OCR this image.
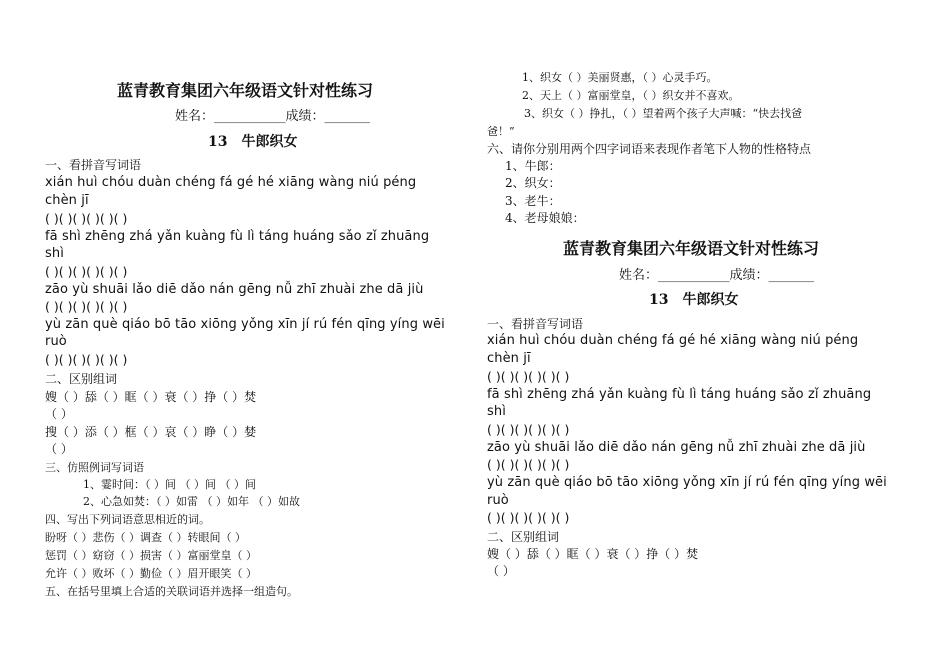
蓝青教育集团六年级语文针对性练习
姓名：___________成绩：_______
13　牛郎织女
一、看拼音写词语
xián huì chóu duàn chéng fá gé hé xiāng wàng niú péng
chèn jī
( )( )( )( )( )( )
fā shì zhēng zhá yǎn kuàng fù lì táng huáng sǎo zǐ zhuāng
shì
( )( )( )( )( )( )
zāo yù shuāi lǎo diē dǎo nán gēng nǚ zhī zhuài zhe dā jiù
( )( )( )( )( )( )
yù zān què qiáo bō tāo xiōng yǒng xīn jí rú fén qīng yíng wēi
ruò
( )( )( )( )( )( )
二、区别组词
嫂（ ）舔（ ）眶（ ）衰（ ）挣（ ）焚
（ ）
搜（ ）添（ ）框（ ）哀（ ）睁（ ）婪
（ ）
三、仿照例词写词语
1、霎时间：（ ）间 （ ）间 （ ）间
2、心急如焚：（ ）如雷 （ ）如年 （ ）如故
四、写出下列词语意思相近的词。
盼呀（ ）悲伤（ ）调查（ ）转眼间（ ）
惩罚（ ）窈窃（ ）损害（ ）富丽堂皇（ ）
允许（ ）败坏（ ）勤俭（ ）眉开眼笑（ ）
五、在括号里填上合适的关联词语并选择一组造句。
1、织女（ ）美丽贤惠，（ ）心灵手巧。
2、天上（ ）富丽堂皇，（ ）织女并不喜欢。
3、织女（ ）挣扎，（ ）望着两个孩子大声喊：“快去找爸
爸！”
六、请你分别用两个四字词语来表现作者笔下人物的性格特点
1、牛郎：
2、织女：
3、老牛：
4、老母娘娘：
蓝青教育集团六年级语文针对性练习
姓名：___________成绩：_______
13　牛郎织女
一、看拼音写词语
xián huì chóu duàn chéng fá gé hé xiāng wàng niú péng
chèn jī
( )( )( )( )( )( )
fā shì zhēng zhá yǎn kuàng fù lì táng huáng sǎo zǐ zhuāng
shì
( )( )( )( )( )( )
zāo yù shuāi lǎo diē dǎo nán gēng nǚ zhī zhuài zhe dā jiù
( )( )( )( )( )( )
yù zān què qiáo bō tāo xiōng yǒng xīn jí rú fén qīng yíng wēi
ruò
( )( )( )( )( )( )
二、区别组词
嫂（ ）舔（ ）眶（ ）衰（ ）挣（ ）焚
（ ）
